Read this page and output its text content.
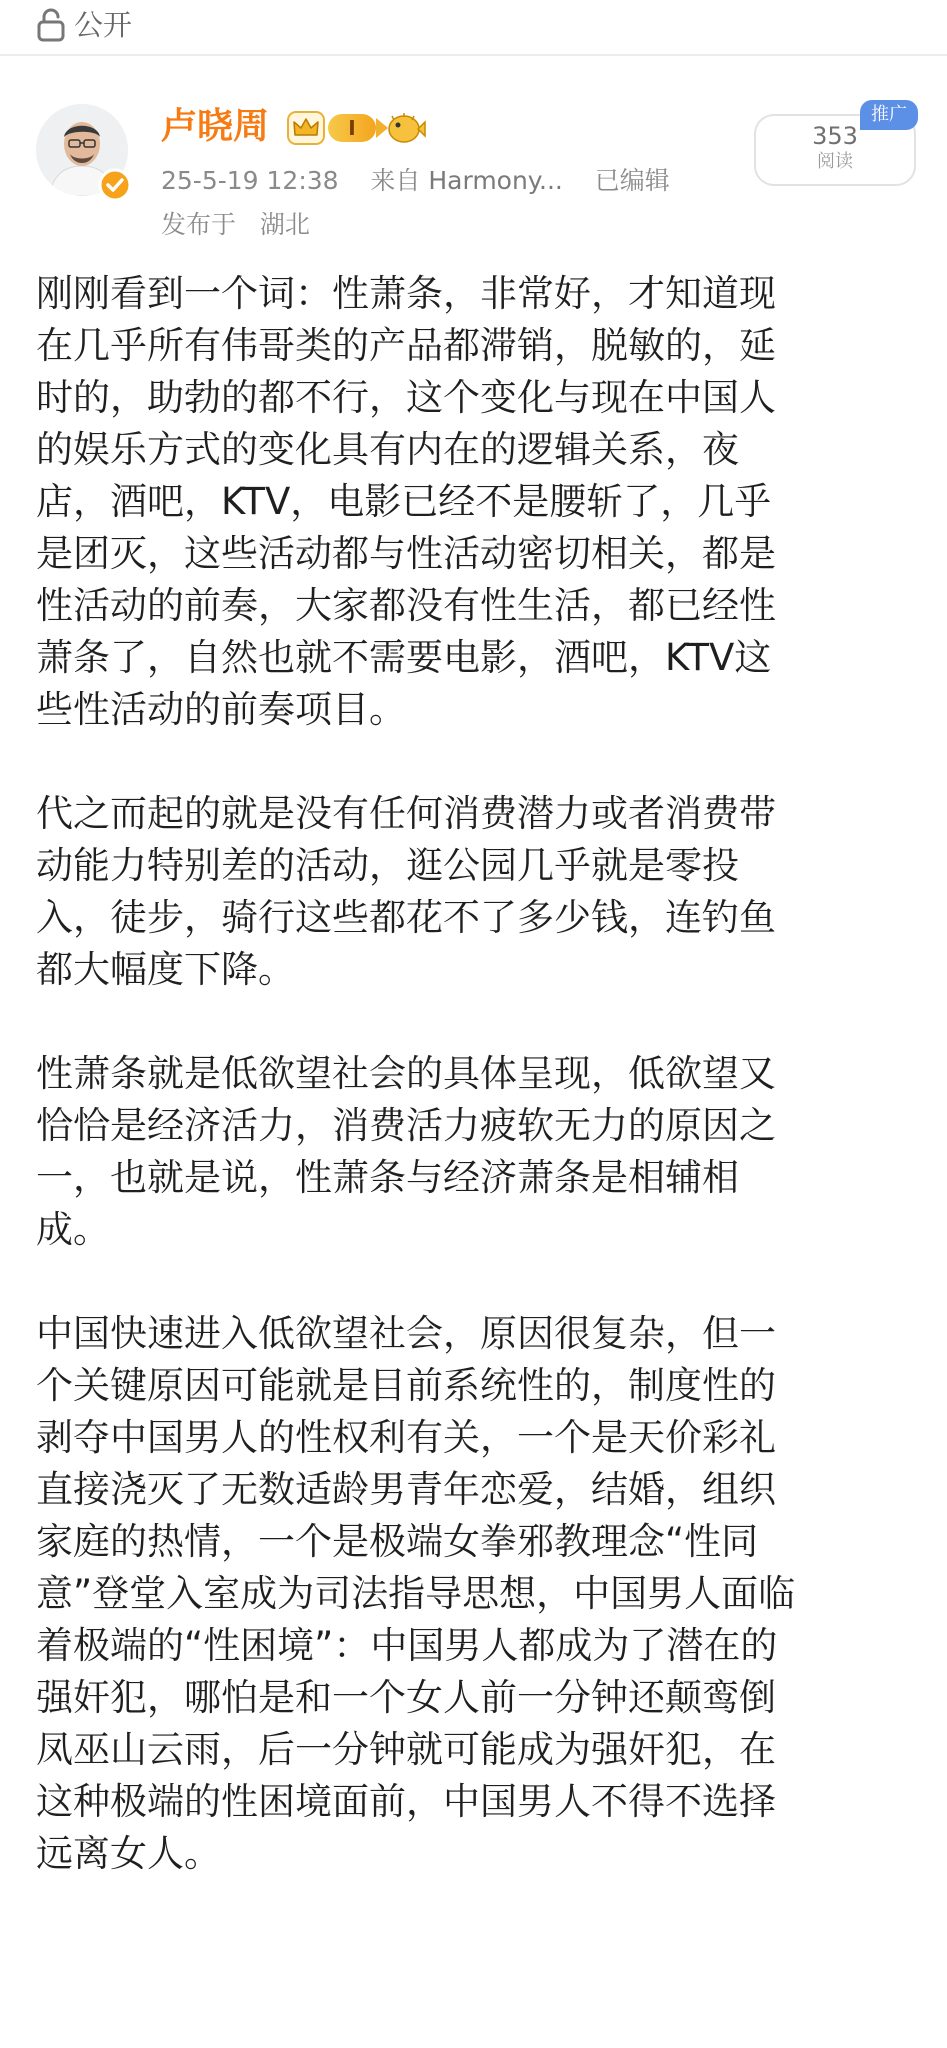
公开
卢晓周	I
25-5-19 12:38 来自 Harmony... 已编辑
发布于 湖北
353
阅读
推广

刚刚看到一个词：性萧条，非常好，才知道现
在几乎所有伟哥类的产品都滞销，脱敏的，延
时的，助勃的都不行，这个变化与现在中国人
的娱乐方式的变化具有内在的逻辑关系，夜
店，酒吧，KTV，电影已经不是腰斩了，几乎
是团灭，这些活动都与性活动密切相关，都是
性活动的前奏，大家都没有性生活，都已经性
萧条了，自然也就不需要电影，酒吧，KTV这
些性活动的前奏项目。

代之而起的就是没有任何消费潜力或者消费带
动能力特别差的活动，逛公园几乎就是零投
入，徒步，骑行这些都花不了多少钱，连钓鱼
都大幅度下降。

性萧条就是低欲望社会的具体呈现，低欲望又
恰恰是经济活力，消费活力疲软无力的原因之
一，也就是说，性萧条与经济萧条是相辅相
成。

中国快速进入低欲望社会，原因很复杂，但一
个关键原因可能就是目前系统性的，制度性的
剥夺中国男人的性权利有关，一个是天价彩礼
直接浇灭了无数适龄男青年恋爱，结婚，组织
家庭的热情，一个是极端女拳邪教理念“性同
意”登堂入室成为司法指导思想，中国男人面临
着极端的“性困境”：中国男人都成为了潜在的
强奸犯，哪怕是和一个女人前一分钟还颠鸾倒
凤巫山云雨，后一分钟就可能成为强奸犯，在
这种极端的性困境面前，中国男人不得不选择
远离女人。
